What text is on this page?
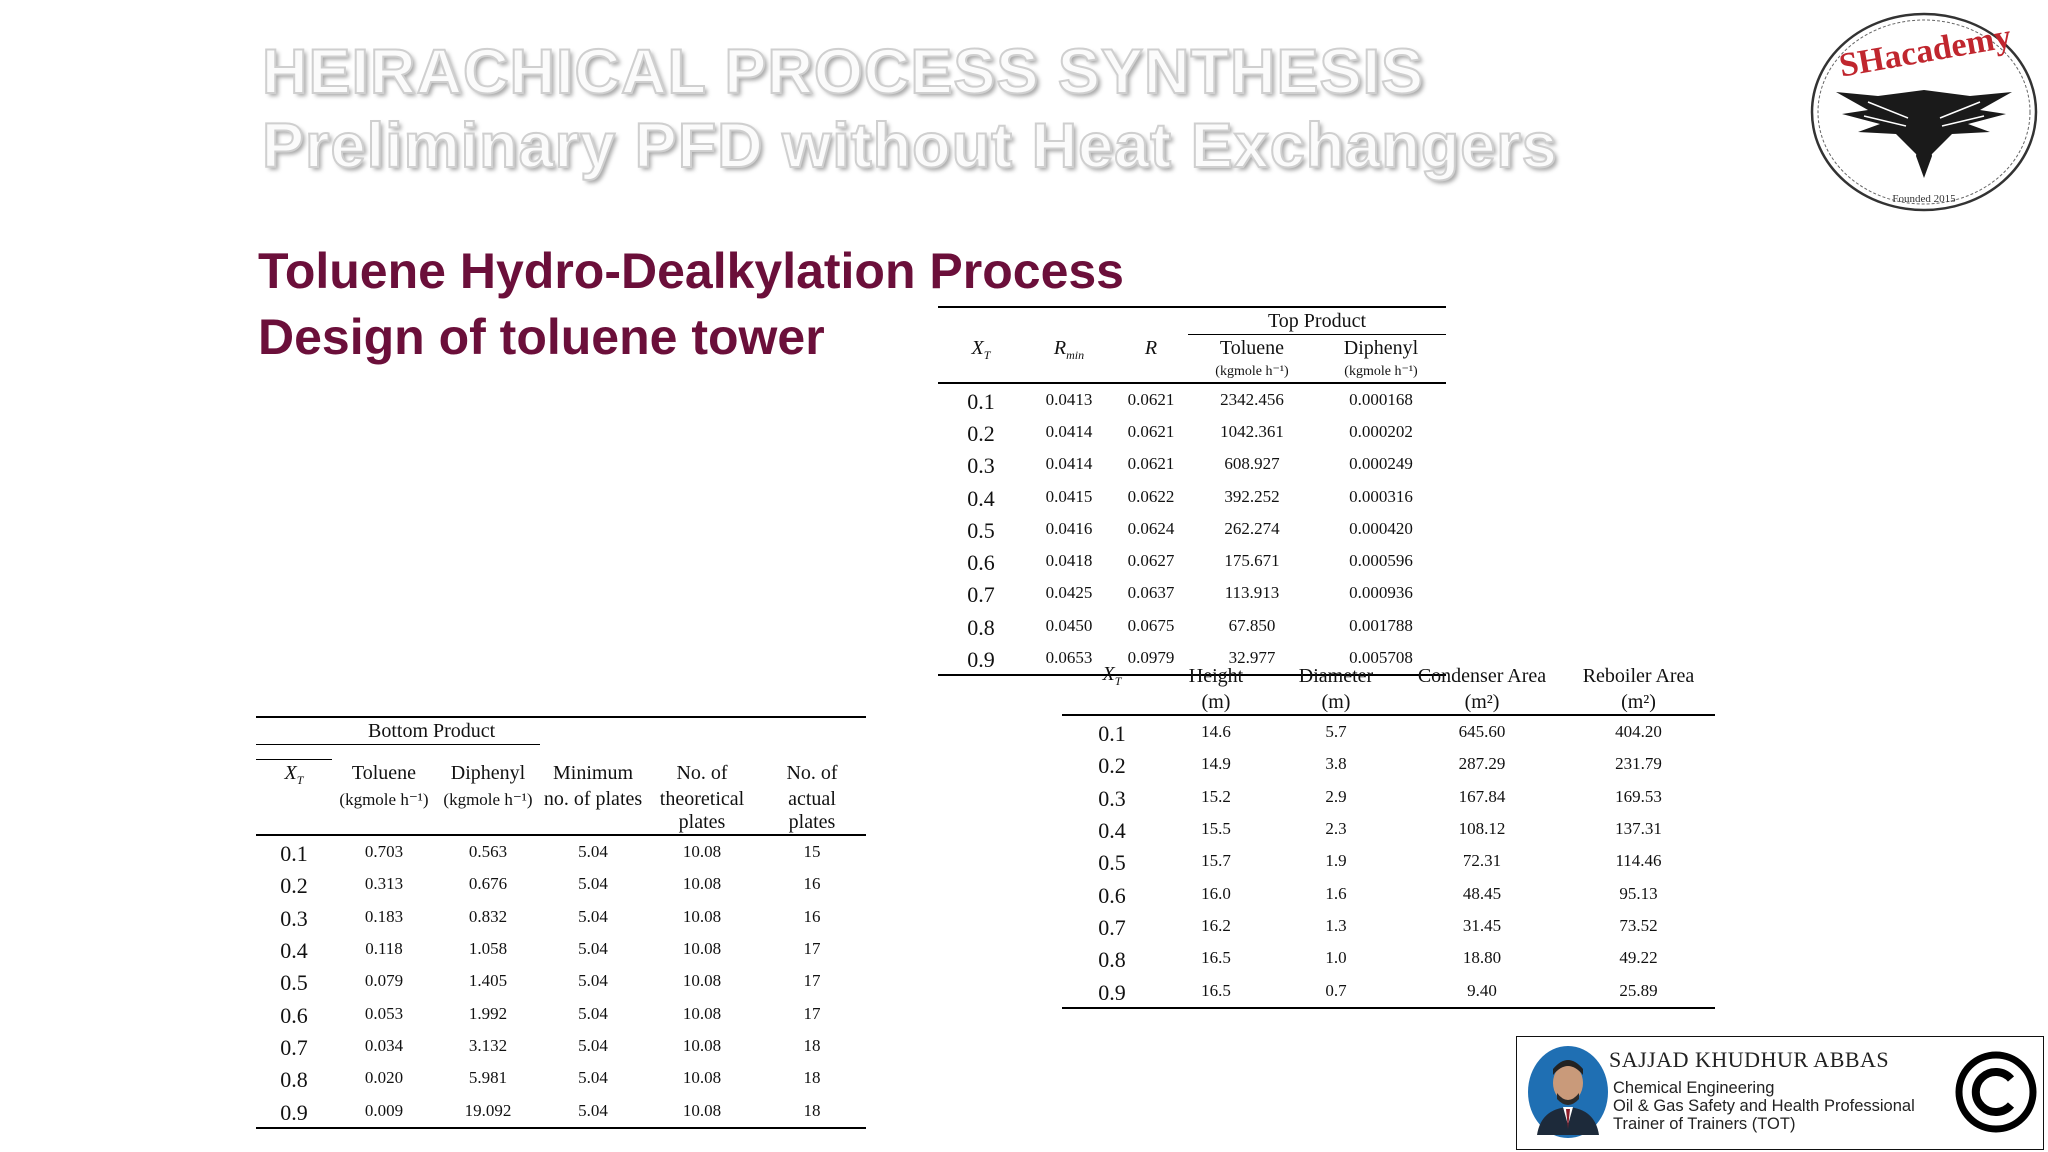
HEIRACHICAL PROCESS SYNTHESIS
Preliminary PFD without Heat Exchangers
Toluene Hydro-Dealkylation Process
Design of toluene tower
SHacademy
Founded 2015
			Top Product	
$X_T$	$R_{min}$	R	Toluene	Diphenyl
			(kgmole h⁻¹)	(kgmole h⁻¹)
0.1	0.0413	0.0621	2342.456	0.000168
0.2	0.0414	0.0621	1042.361	0.000202
0.3	0.0414	0.0621	608.927	0.000249
0.4	0.0415	0.0622	392.252	0.000316
0.5	0.0416	0.0624	262.274	0.000420
0.6	0.0418	0.0627	175.671	0.000596
0.7	0.0425	0.0637	113.913	0.000936
0.8	0.0450	0.0675	67.850	0.001788
0.9	0.0653	0.0979	32.977	0.005708
Bottom Product					

$X_T$	Toluene	Diphenyl	Minimum	No. of	No. of
	(kgmole h⁻¹)	(kgmole h⁻¹)	no. of plates	theoretical	actual
				plates	plates
0.1	0.703	0.563	5.04	10.08	15
0.2	0.313	0.676	5.04	10.08	16
0.3	0.183	0.832	5.04	10.08	16
0.4	0.118	1.058	5.04	10.08	17
0.5	0.079	1.405	5.04	10.08	17
0.6	0.053	1.992	5.04	10.08	17
0.7	0.034	3.132	5.04	10.08	18
0.8	0.020	5.981	5.04	10.08	18
0.9	0.009	19.092	5.04	10.08	18
$X_T$	Height	Diameter	Condenser Area	Reboiler Area
	(m)	(m)	(m²)	(m²)
0.1	14.6	5.7	645.60	404.20
0.2	14.9	3.8	287.29	231.79
0.3	15.2	2.9	167.84	169.53
0.4	15.5	2.3	108.12	137.31
0.5	15.7	1.9	72.31	114.46
0.6	16.0	1.6	48.45	95.13
0.7	16.2	1.3	31.45	73.52
0.8	16.5	1.0	18.80	49.22
0.9	16.5	0.7	9.40	25.89
SAJJAD KHUDHUR ABBAS
Chemical Engineering
Oil & Gas Safety and Health Professional
Trainer of Trainers (TOT)
